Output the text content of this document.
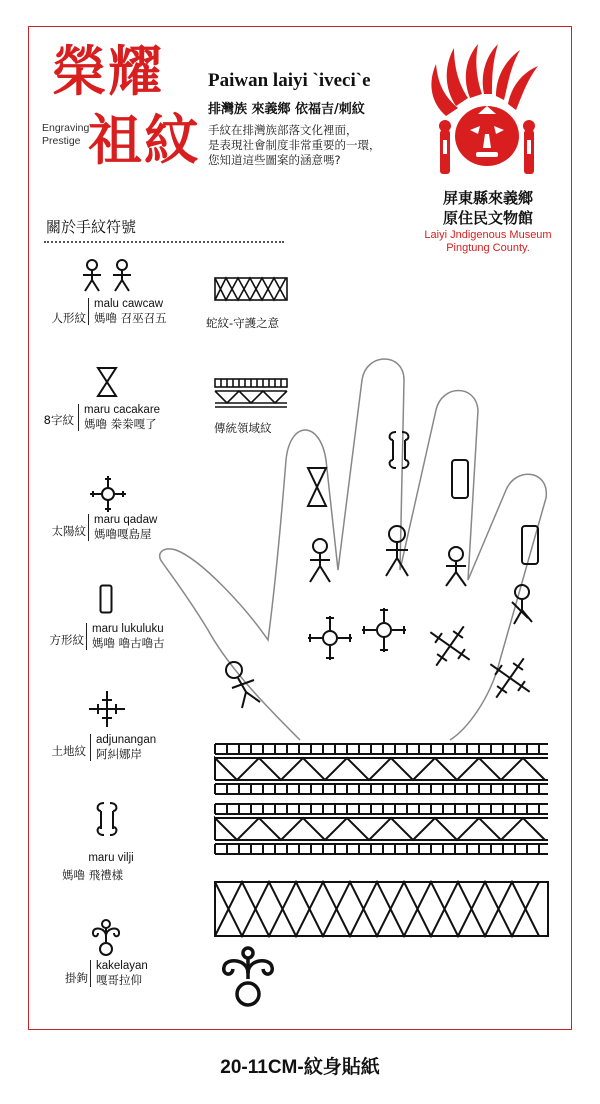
榮耀
祖紋
Engraving
Prestige
Paiwan laiyi `iveci`e
排灣族 來義鄉 依福吉/刺紋
手紋在排灣族部落文化裡面，
是表現社會制度非常重要的一環，
您知道這些圖案的涵意嗎?
屏東縣來義鄉
原住民文物館
Laiyi Jndigenous Museum
Pingtung County.
關於手紋符號
人形紋
malu cawcaw
媽嚕 召巫召五
8字紋
maru cacakare
媽嚕 桊桊嘎了
太陽紋
maru qadaw
媽嚕嘎島屋
方形紋
maru lukuluku
媽嚕 嚕古嚕古
土地紋
adjunangan
阿糾娜岸
maru vilji
媽嚕 飛禮樣
掛鉤
kakelayan
嘎哥拉仰
蛇紋-守護之意
傳統領域紋
20-11CM-紋身貼紙
